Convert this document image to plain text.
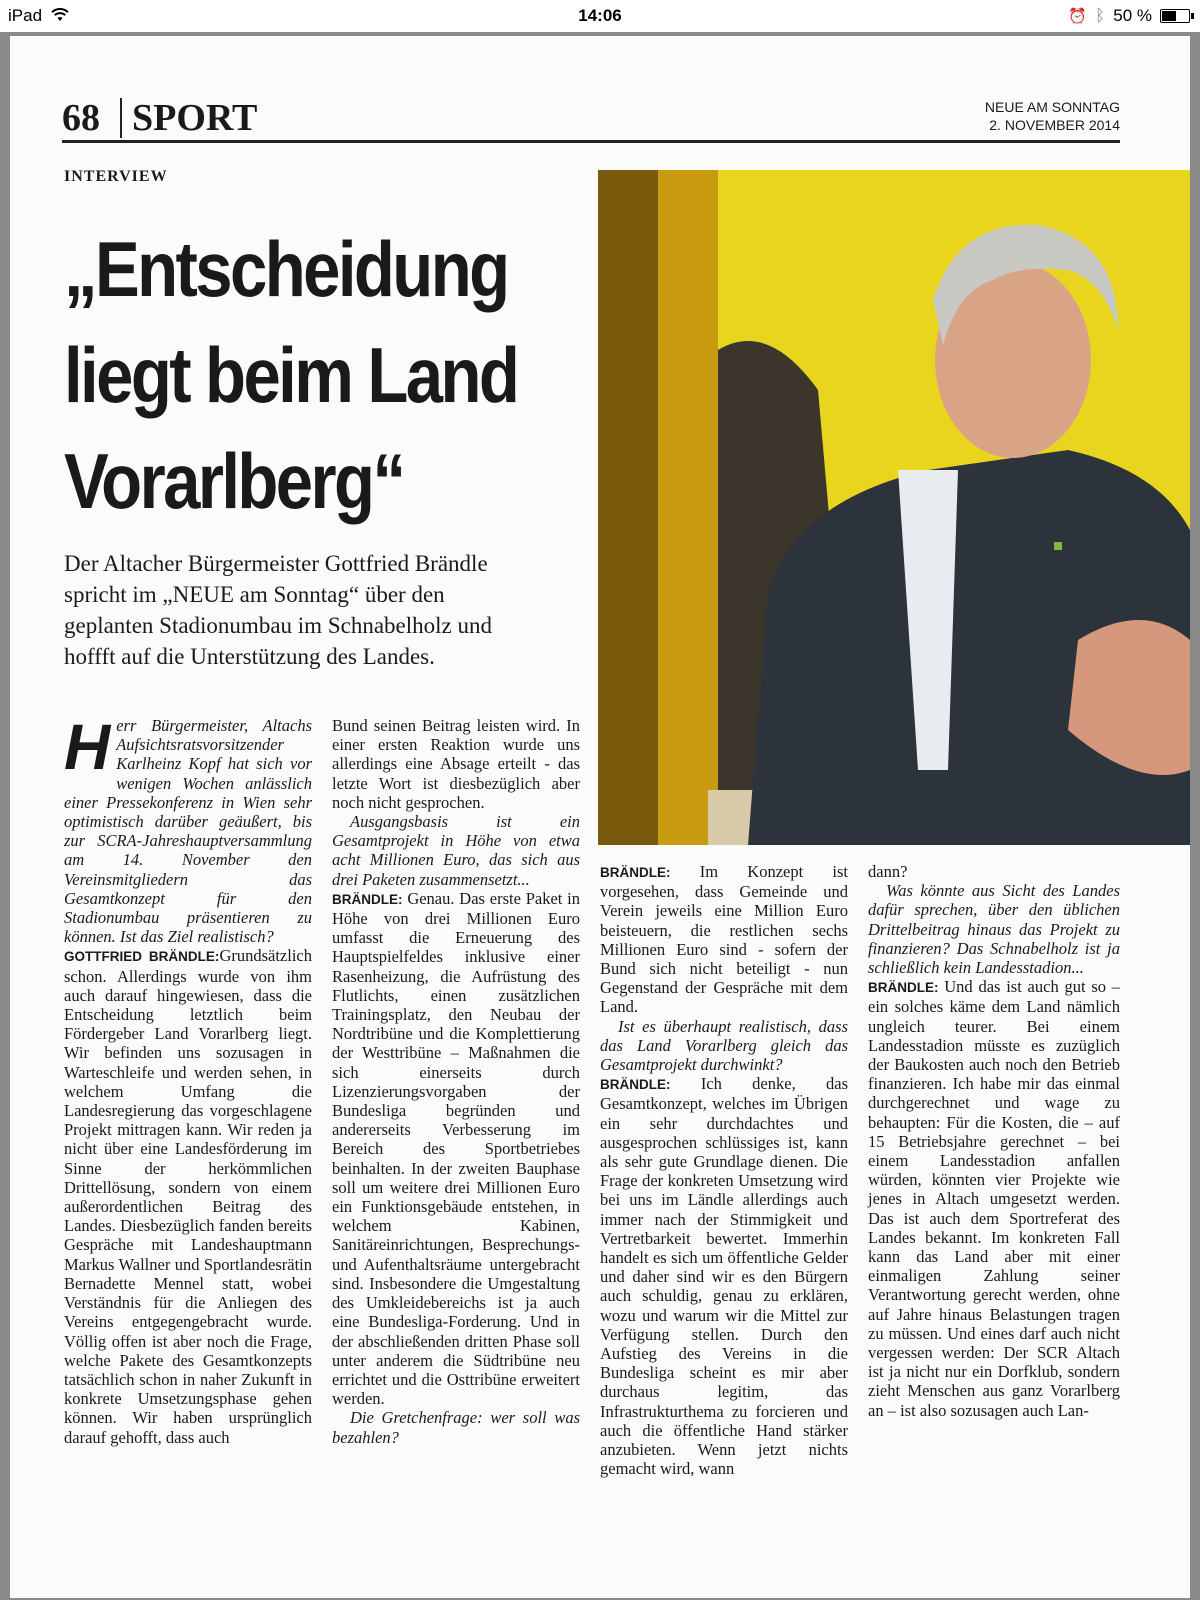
iPad	14:06	⏰ ᛒ 50 %
68 SPORT	NEUE AM SONNTAG
2. NOVEMBER 2014
INTERVIEW
„Entscheidung
liegt beim Land
Vorarlberg“
Der Altacher Bürgermeister Gottfried Brändle
spricht im „NEUE am Sonntag“ über den
geplanten Stadionumbau im Schnabelholz und
hoffft auf die Unterstützung des Landes.

Herr Bürgermeister, Altachs Aufsichtsratsvorsitzender Karlheinz Kopf hat sich vor wenigen Wochen anlässlich einer Pressekonferenz in Wien sehr optimistisch darüber geäußert, bis zur SCRA-Jahreshauptversammlung am 14. November den Vereinsmitgliedern das Gesamtkonzept für den Stadionumbau präsentieren zu können. Ist das Ziel realistisch?

GOTTFRIED BRÄNDLE:Grundsätzlich schon. Allerdings wurde von ihm auch darauf hingewiesen, dass die Entscheidung letztlich beim Fördergeber Land Vorarlberg liegt. Wir befinden uns sozusagen in Warteschleife und werden sehen, in welchem Umfang die Landesregierung das vorgeschlagene Projekt mittragen kann. Wir reden ja nicht über eine Landesförderung im Sinne der herkömmlichen Drittellösung, sondern von einem außerordentlichen Beitrag des Landes. Diesbezüglich fanden bereits Gespräche mit Landeshauptmann Markus Wallner und Sportlandesrätin Bernadette Mennel statt, wobei Verständnis für die Anliegen des Vereins entgegengebracht wurde. Völlig offen ist aber noch die Frage, welche Pakete des Gesamtkonzepts tatsächlich schon in naher Zukunft in konkrete Umsetzungsphase gehen können. Wir haben ursprünglich darauf gehofft, dass auch

Bund seinen Beitrag leisten wird. In einer ersten Reaktion wurde uns allerdings eine Absage erteilt - das letzte Wort ist diesbezüglich aber noch nicht gesprochen.

Ausgangsbasis ist ein Gesamtprojekt in Höhe von etwa acht Millionen Euro, das sich aus drei Paketen zusammensetzt...

BRÄNDLE: Genau. Das erste Paket in Höhe von drei Millionen Euro umfasst die Erneuerung des Hauptspielfeldes inklusive einer Rasenheizung, die Aufrüstung des Flutlichts, einen zusätzlichen Trainingsplatz, den Neubau der Nordtribüne und die Komplettierung der Westtribüne – Maßnahmen die sich einerseits durch Lizenzierungsvorgaben der Bundesliga begründen und andererseits Verbesserung im Bereich des Sportbetriebes beinhalten. In der zweiten Bauphase soll um weitere drei Millionen Euro ein Funktionsgebäude entstehen, in welchem Kabinen, Sanitäreinrichtungen, Besprechungs- und Aufenthaltsräume untergebracht sind. Insbesondere die Umgestaltung des Umkleidebereichs ist ja auch eine Bundesliga-Forderung. Und in der abschließenden dritten Phase soll unter anderem die Südtribüne neu errichtet und die Osttribüne erweitert werden.

Die Gretchenfrage: wer soll was bezahlen?

BRÄNDLE: Im Konzept ist vorgesehen, dass Gemeinde und Verein jeweils eine Million Euro beisteuern, die restlichen sechs Millionen Euro sind - sofern der Bund sich nicht beteiligt - nun Gegenstand der Gespräche mit dem Land.

Ist es überhaupt realistisch, dass das Land Vorarlberg gleich das Gesamtprojekt durchwinkt?

BRÄNDLE: Ich denke, das Gesamtkonzept, welches im Übrigen ein sehr durchdachtes und ausgesprochen schlüssiges ist, kann als sehr gute Grundlage dienen. Die Frage der konkreten Umsetzung wird bei uns im Ländle allerdings auch immer nach der Stimmigkeit und Vertretbarkeit bewertet. Immerhin handelt es sich um öffentliche Gelder und daher sind wir es den Bürgern auch schuldig, genau zu erklären, wozu und warum wir die Mittel zur Verfügung stellen. Durch den Aufstieg des Vereins in die Bundesliga scheint es mir aber durchaus legitim, das Infrastrukturthema zu forcieren und auch die öffentliche Hand stärker anzubieten. Wenn jetzt nichts gemacht wird, wann

dann?

Was könnte aus Sicht des Landes dafür sprechen, über den üblichen Drittelbeitrag hinaus das Projekt zu finanzieren? Das Schnabelholz ist ja schließlich kein Landesstadion...

BRÄNDLE: Und das ist auch gut so – ein solches käme dem Land nämlich ungleich teurer. Bei einem Landesstadion müsste es zuzüglich der Baukosten auch noch den Betrieb finanzieren. Ich habe mir das einmal durchgerechnet und wage zu behaupten: Für die Kosten, die – auf 15 Betriebsjahre gerechnet – bei einem Landesstadion anfallen würden, könnten vier Projekte wie jenes in Altach umgesetzt werden. Das ist auch dem Sportreferat des Landes bekannt. Im konkreten Fall kann das Land aber mit einer einmaligen Zahlung seiner Verantwortung gerecht werden, ohne auf Jahre hinaus Belastungen tragen zu müssen. Und eines darf auch nicht vergessen werden: Der SCR Altach ist ja nicht nur ein Dorfklub, sondern zieht Menschen aus ganz Vorarlberg an – ist also sozusagen auch Lan-
